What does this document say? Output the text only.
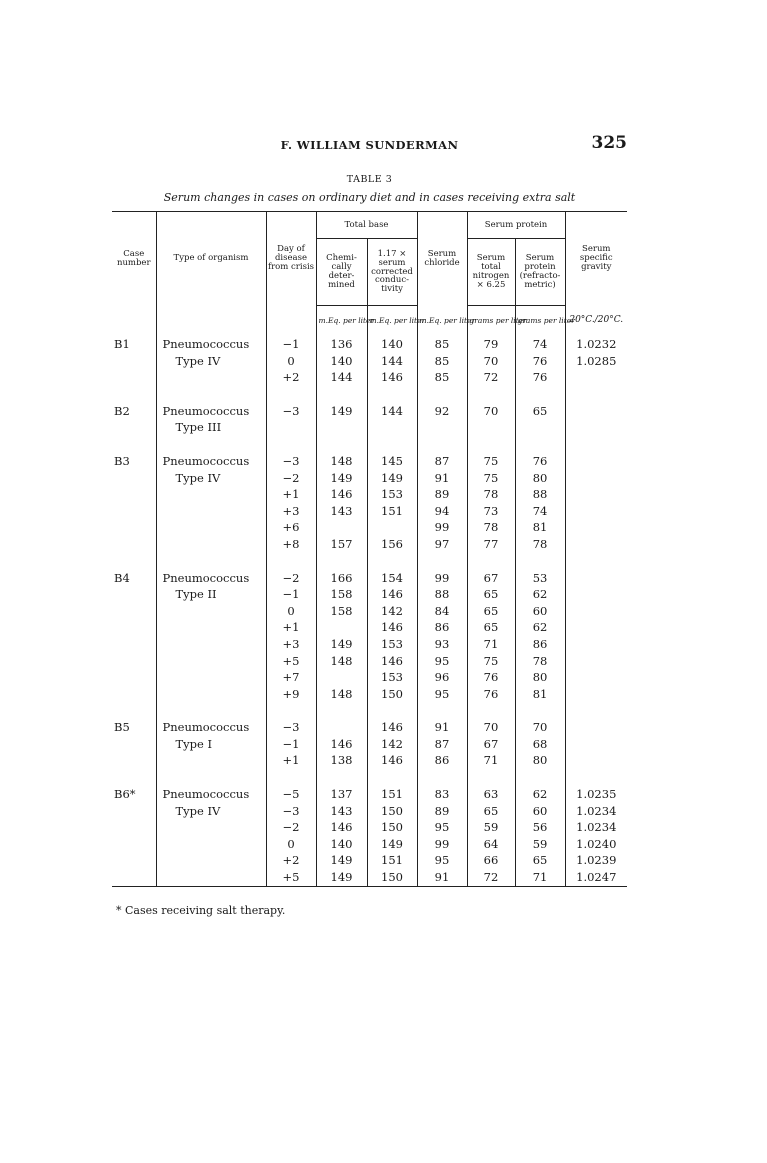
F. WILLIAM SUNDERMAN	325
TABLE 3
Serum changes in cases on ordinary diet and in cases receiving extra salt
Case number	Type of organism	Day of disease from crisis	Total base		Serum chloride	Serum protein		Serum specific gravity
			Chemi-cally deter-mined	1.17 × serum corrected conduc-tivity		Serum total nitrogen × 6.25	Serum protein (refracto-metric)	
			m.Eq. per liter	m.Eq. per liter	m.Eq. per liter	grams per liter	grams per liter	20°C./20°C.
B1	Pneumococcus	−1	136	140	85	79	74	1.0232
	Type IV	0	140	144	85	70	76	1.0285
		+2	144	146	85	72	76	

B2	Pneumococcus	−3	149	144	92	70	65	
	Type III							

B3	Pneumococcus	−3	148	145	87	75	76	
	Type IV	−2	149	149	91	75	80	
		+1	146	153	89	78	88	
		+3	143	151	94	73	74	
		+6			99	78	81	
		+8	157	156	97	77	78	

B4	Pneumococcus	−2	166	154	99	67	53	
	Type II	−1	158	146	88	65	62	
		0	158	142	84	65	60	
		+1		146	86	65	62	
		+3	149	153	93	71	86	
		+5	148	146	95	75	78	
		+7		153	96	76	80	
		+9	148	150	95	76	81	

B5	Pneumococcus	−3		146	91	70	70	
	Type I	−1	146	142	87	67	68	
		+1	138	146	86	71	80	

B6*	Pneumococcus	−5	137	151	83	63	62	1.0235
	Type IV	−3	143	150	89	65	60	1.0234
		−2	146	150	95	59	56	1.0234
		0	140	149	99	64	59	1.0240
		+2	149	151	95	66	65	1.0239
		+5	149	150	91	72	71	1.0247
* Cases receiving salt therapy.
